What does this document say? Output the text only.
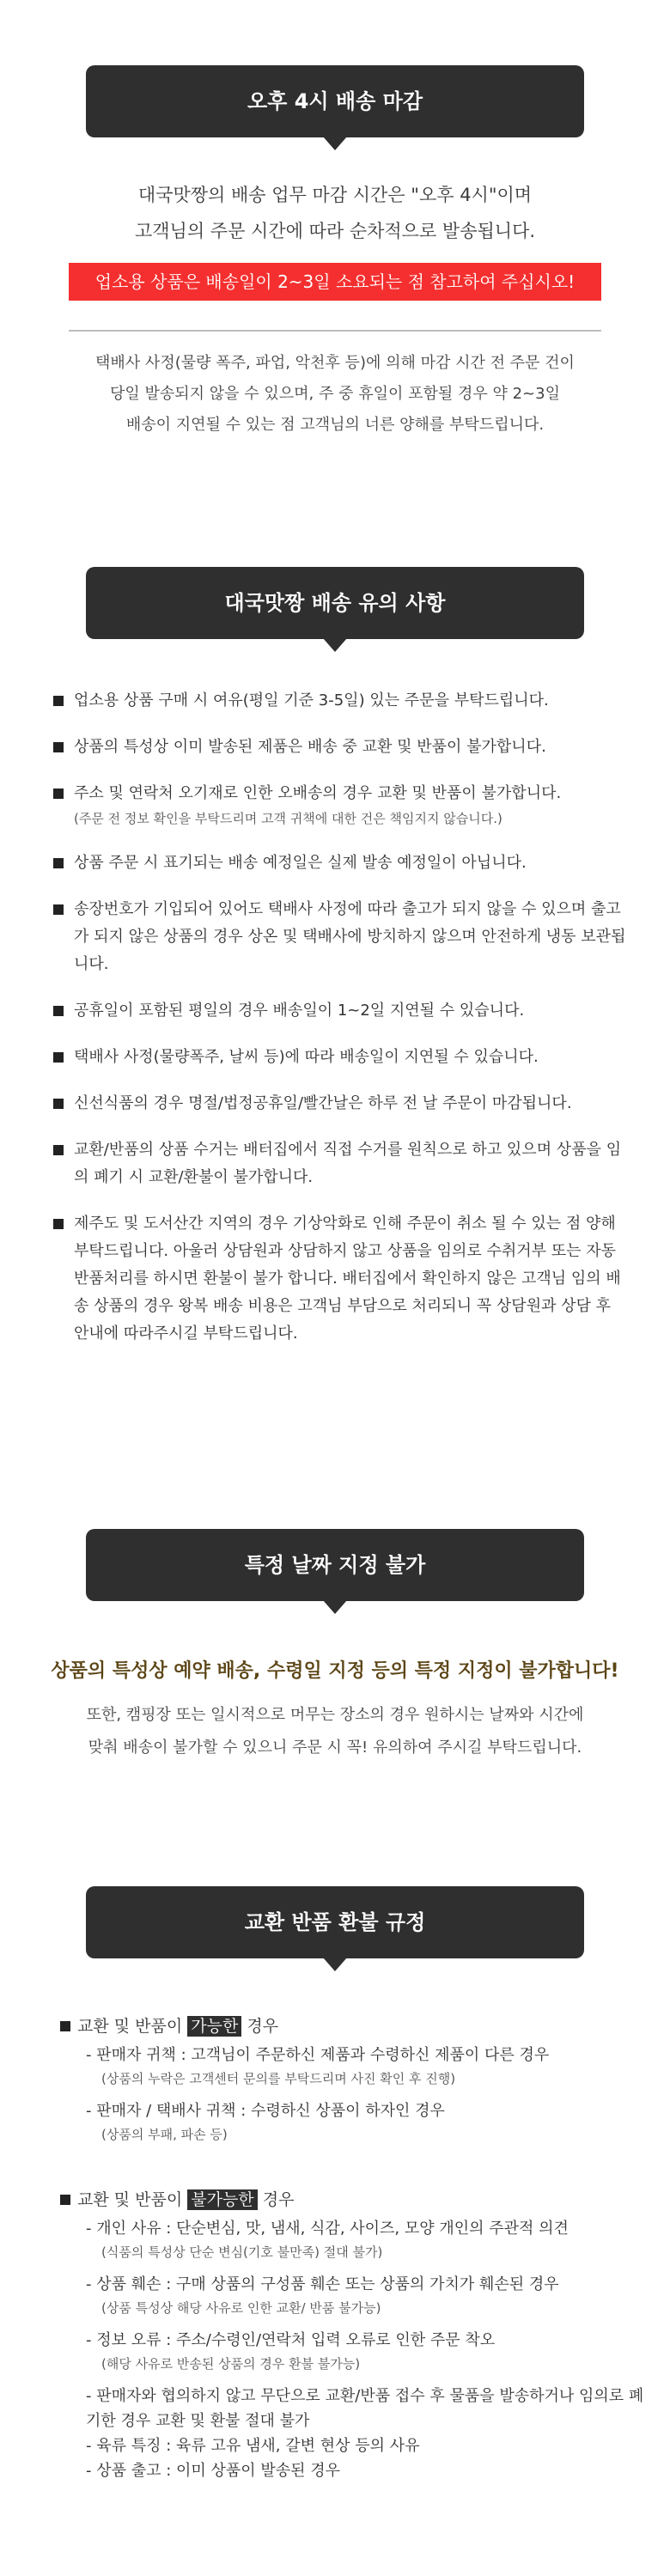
오후 4시 배송 마감
대국맛짱의 배송 업무 마감 시간은 "오후 4시"이며
고객님의 주문 시간에 따라 순차적으로 발송됩니다.
업소용 상품은 배송일이 2~3일 소요되는 점 참고하여 주십시오!
택배사 사정(물량 폭주, 파업, 악천후 등)에 의해 마감 시간 전 주문 건이
당일 발송되지 않을 수 있으며, 주 중 휴일이 포함될 경우 약 2~3일
배송이 지연될 수 있는 점 고객님의 너른 양해를 부탁드립니다.
대국맛짱 배송 유의 사항
업소용 상품 구매 시 여유(평일 기준 3-5일) 있는 주문을 부탁드립니다.
상품의 특성상 이미 발송된 제품은 배송 중 교환 및 반품이 불가합니다.
주소 및 연락처 오기재로 인한 오배송의 경우 교환 및 반품이 불가합니다.
(주문 전 정보 확인을 부탁드리며 고객 귀책에 대한 건은 책임지지 않습니다.)
상품 주문 시 표기되는 배송 예정일은 실제 발송 예정일이 아닙니다.
송장번호가 기입되어 있어도 택배사 사정에 따라 출고가 되지 않을 수 있으며 출고가 되지 않은 상품의 경우 상온 및 택배사에 방치하지 않으며 안전하게 냉동 보관됩니다.
공휴일이 포함된 평일의 경우 배송일이 1~2일 지연될 수 있습니다.
택배사 사정(물량폭주, 날씨 등)에 따라 배송일이 지연될 수 있습니다.
신선식품의 경우 명절/법정공휴일/빨간날은 하루 전 날 주문이 마감됩니다.
교환/반품의 상품 수거는 배터집에서 직접 수거를 원칙으로 하고 있으며 상품을 임의 폐기 시 교환/환불이 불가합니다.
제주도 및 도서산간 지역의 경우 기상악화로 인해 주문이 취소 될 수 있는 점 양해 부탁드립니다. 아울러 상담원과 상담하지 않고 상품을 임의로 수취거부 또는 자동반품처리를 하시면 환불이 불가 합니다. 배터집에서 확인하지 않은 고객님 임의 배송 상품의 경우 왕복 배송 비용은 고객님 부담으로 처리되니 꼭 상담원과 상담 후 안내에 따라주시길 부탁드립니다.
특정 날짜 지정 불가
상품의 특성상 예약 배송, 수령일 지정 등의 특정 지정이 불가합니다!
또한, 캠핑장 또는 일시적으로 머무는 장소의 경우 원하시는 날짜와 시간에
맞춰 배송이 불가할 수 있으니 주문 시 꼭! 유의하여 주시길 부탁드립니다.
교환 반품 환불 규정
교환 및 반품이 가능한 경우
- 판매자 귀책 : 고객님이 주문하신 제품과 수령하신 제품이 다른 경우
(상품의 누락은 고객센터 문의를 부탁드리며 사진 확인 후 진행)
- 판매자 / 택배사 귀책 : 수령하신 상품이 하자인 경우
(상품의 부패, 파손 등)
교환 및 반품이 불가능한 경우
- 개인 사유 : 단순변심, 맛, 냄새, 식감, 사이즈, 모양 개인의 주관적 의견
(식품의 특성상 단순 변심(기호 불만족) 절대 불가)
- 상품 훼손 : 구매 상품의 구성품 훼손 또는 상품의 가치가 훼손된 경우
(상품 특성상 해당 사유로 인한 교환/ 반품 불가능)
- 정보 오류 : 주소/수령인/연락처 입력 오류로 인한 주문 착오
(해당 사유로 반송된 상품의 경우 환불 불가능)
- 판매자와 협의하지 않고 무단으로 교환/반품 접수 후 물품을 발송하거나 임의로 폐기한 경우 교환 및 환불 절대 불가
- 육류 특징 : 육류 고유 냄새, 갈변 현상 등의 사유
- 상품 출고 : 이미 상품이 발송된 경우
